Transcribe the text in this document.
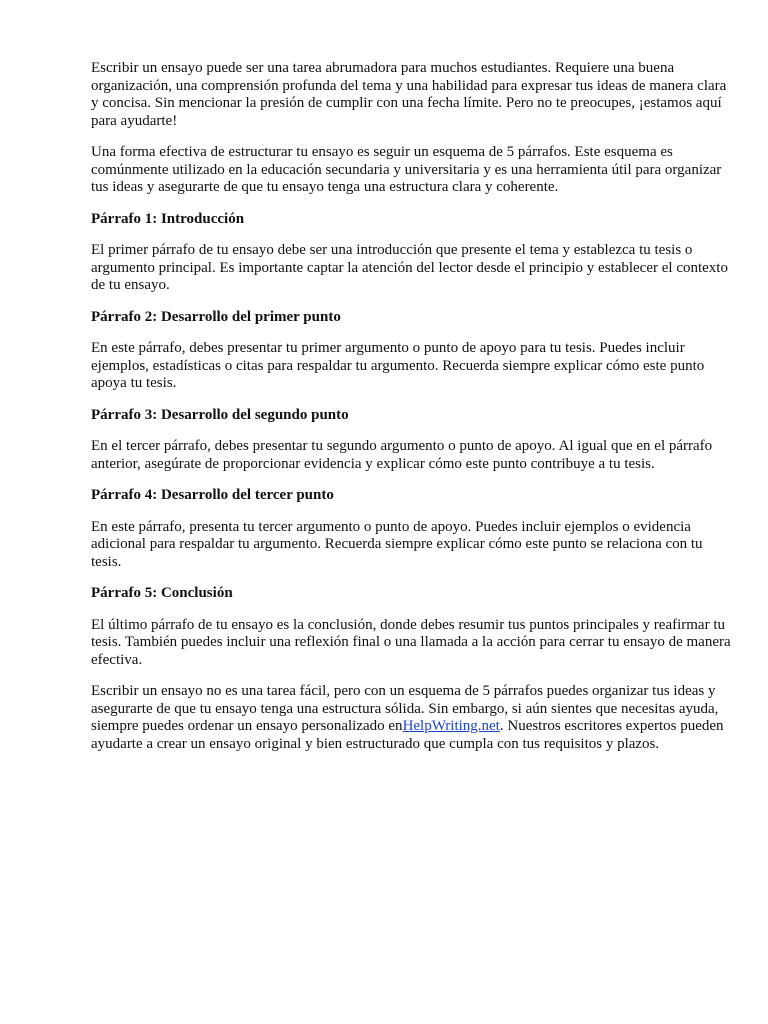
Escribir un ensayo puede ser una tarea abrumadora para muchos estudiantes. Requiere una buena organización, una comprensión profunda del tema y una habilidad para expresar tus ideas de manera clara y concisa. Sin mencionar la presión de cumplir con una fecha límite. Pero no te preocupes, ¡estamos aquí para ayudarte!

Una forma efectiva de estructurar tu ensayo es seguir un esquema de 5 párrafos. Este esquema es comúnmente utilizado en la educación secundaria y universitaria y es una herramienta útil para organizar tus ideas y asegurarte de que tu ensayo tenga una estructura clara y coherente.

Párrafo 1: Introducción

El primer párrafo de tu ensayo debe ser una introducción que presente el tema y establezca tu tesis o argumento principal. Es importante captar la atención del lector desde el principio y establecer el contexto de tu ensayo.

Párrafo 2: Desarrollo del primer punto

En este párrafo, debes presentar tu primer argumento o punto de apoyo para tu tesis. Puedes incluir ejemplos, estadísticas o citas para respaldar tu argumento. Recuerda siempre explicar cómo este punto apoya tu tesis.

Párrafo 3: Desarrollo del segundo punto

En el tercer párrafo, debes presentar tu segundo argumento o punto de apoyo. Al igual que en el párrafo anterior, asegúrate de proporcionar evidencia y explicar cómo este punto contribuye a tu tesis.

Párrafo 4: Desarrollo del tercer punto

En este párrafo, presenta tu tercer argumento o punto de apoyo. Puedes incluir ejemplos o evidencia adicional para respaldar tu argumento. Recuerda siempre explicar cómo este punto se relaciona con tu tesis.

Párrafo 5: Conclusión

El último párrafo de tu ensayo es la conclusión, donde debes resumir tus puntos principales y reafirmar tu tesis. También puedes incluir una reflexión final o una llamada a la acción para cerrar tu ensayo de manera efectiva.

Escribir un ensayo no es una tarea fácil, pero con un esquema de 5 párrafos puedes organizar tus ideas y asegurarte de que tu ensayo tenga una estructura sólida. Sin embargo, si aún sientes que necesitas ayuda, siempre puedes ordenar un ensayo personalizado enHelpWriting.net. Nuestros escritores expertos pueden ayudarte a crear un ensayo original y bien estructurado que cumpla con tus requisitos y plazos.
